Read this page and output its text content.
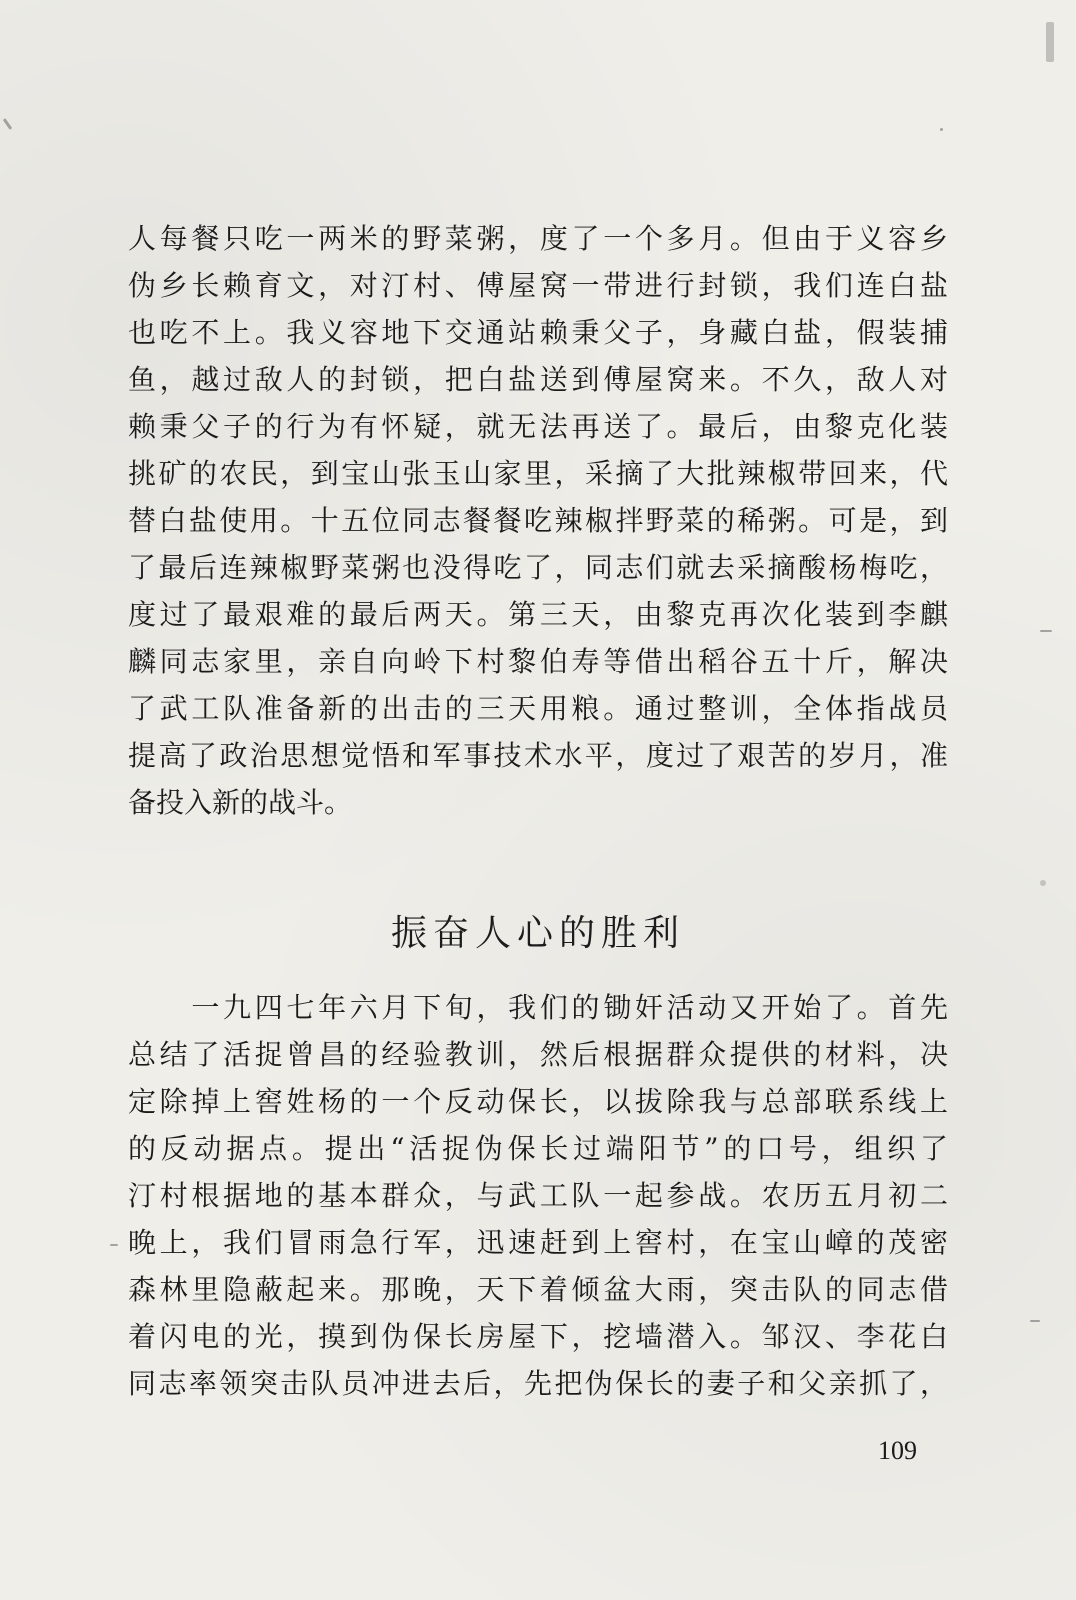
人每餐只吃一两米的野菜粥，度了一个多月。但由于义容乡
伪乡长赖育文，对汀村、傅屋窝一带进行封锁，我们连白盐
也吃不上。我义容地下交通站赖秉父子，身藏白盐，假装捕
鱼，越过敌人的封锁，把白盐送到傅屋窝来。不久，敌人对
赖秉父子的行为有怀疑，就无法再送了。最后，由黎克化装
挑矿的农民，到宝山张玉山家里，采摘了大批辣椒带回来，代
替白盐使用。十五位同志餐餐吃辣椒拌野菜的稀粥。可是，到
了最后连辣椒野菜粥也没得吃了，同志们就去采摘酸杨梅吃，
度过了最艰难的最后两天。第三天，由黎克再次化装到李麒
麟同志家里，亲自向岭下村黎伯寿等借出稻谷五十斤，解决
了武工队准备新的出击的三天用粮。通过整训，全体指战员
提高了政治思想觉悟和军事技术水平，度过了艰苦的岁月，准
备投入新的战斗。
振奋人心的胜利
　　一九四七年六月下旬，我们的锄奸活动又开始了。首先
总结了活捉曾昌的经验教训，然后根据群众提供的材料，决
定除掉上窖姓杨的一个反动保长，以拔除我与总部联系线上
的反动据点。提出“活捉伪保长过端阳节”的口号，组织了
汀村根据地的基本群众，与武工队一起参战。农历五月初二
晚上，我们冒雨急行军，迅速赶到上窖村，在宝山嶂的茂密
森林里隐蔽起来。那晚，天下着倾盆大雨，突击队的同志借
着闪电的光，摸到伪保长房屋下，挖墙潜入。邹汉、李花白
同志率领突击队员冲进去后，先把伪保长的妻子和父亲抓了，
109
